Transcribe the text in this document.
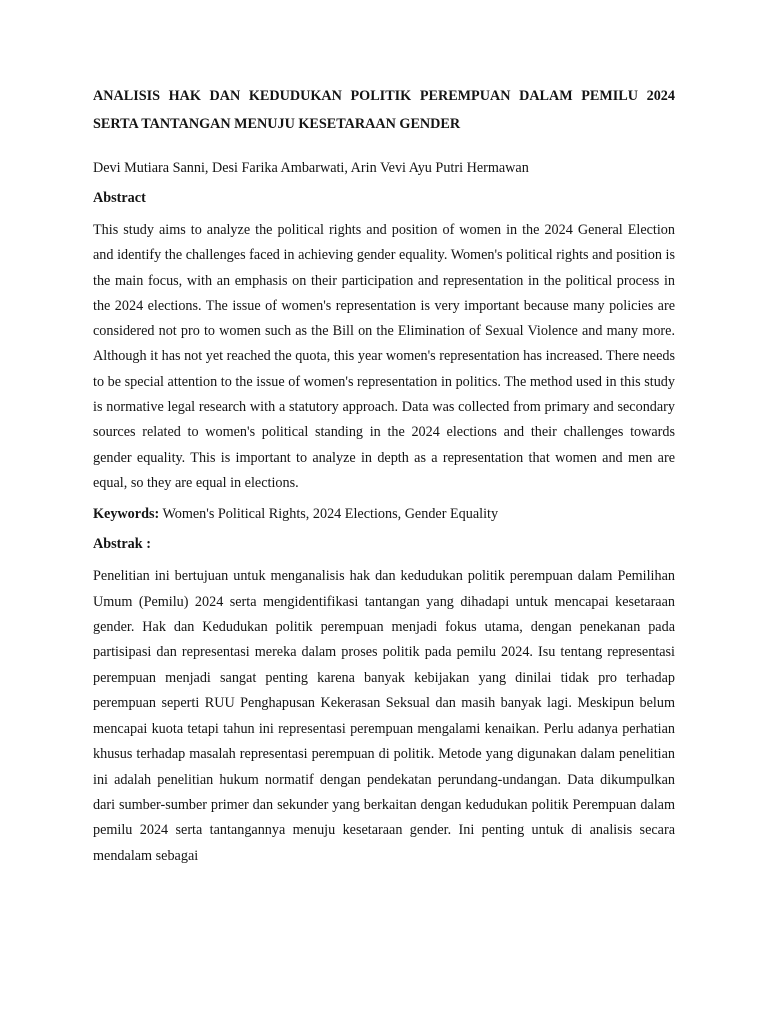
ANALISIS HAK DAN KEDUDUKAN POLITIK PEREMPUAN DALAM PEMILU 2024 SERTA TANTANGAN MENUJU KESETARAAN GENDER

Devi Mutiara Sanni, Desi Farika Ambarwati, Arin Vevi Ayu Putri Hermawan

Abstract

This study aims to analyze the political rights and position of women in the 2024 General Election and identify the challenges faced in achieving gender equality. Women's political rights and position is the main focus, with an emphasis on their participation and representation in the political process in the 2024 elections. The issue of women's representation is very important because many policies are considered not pro to women such as the Bill on the Elimination of Sexual Violence and many more. Although it has not yet reached the quota, this year women's representation has increased. There needs to be special attention to the issue of women's representation in politics. The method used in this study is normative legal research with a statutory approach. Data was collected from primary and secondary sources related to women's political standing in the 2024 elections and their challenges towards gender equality. This is important to analyze in depth as a representation that women and men are equal, so they are equal in elections.

Keywords: Women's Political Rights, 2024 Elections, Gender Equality

Abstrak :

Penelitian ini bertujuan untuk menganalisis hak dan kedudukan politik perempuan dalam Pemilihan Umum (Pemilu) 2024 serta mengidentifikasi tantangan yang dihadapi untuk mencapai kesetaraan gender. Hak dan Kedudukan politik perempuan menjadi fokus utama, dengan penekanan pada partisipasi dan representasi mereka dalam proses politik pada pemilu 2024. Isu tentang representasi perempuan menjadi sangat penting karena banyak kebijakan yang dinilai tidak pro terhadap perempuan seperti RUU Penghapusan Kekerasan Seksual dan masih banyak lagi. Meskipun belum mencapai kuota tetapi tahun ini representasi perempuan mengalami kenaikan. Perlu adanya perhatian khusus terhadap masalah representasi perempuan di politik. Metode yang digunakan dalam penelitian ini adalah penelitian hukum normatif dengan pendekatan perundang-undangan. Data dikumpulkan dari sumber-sumber primer dan sekunder yang berkaitan dengan kedudukan politik Perempuan dalam pemilu 2024 serta tantangannya menuju kesetaraan gender. Ini penting untuk di analisis secara mendalam sebagai
